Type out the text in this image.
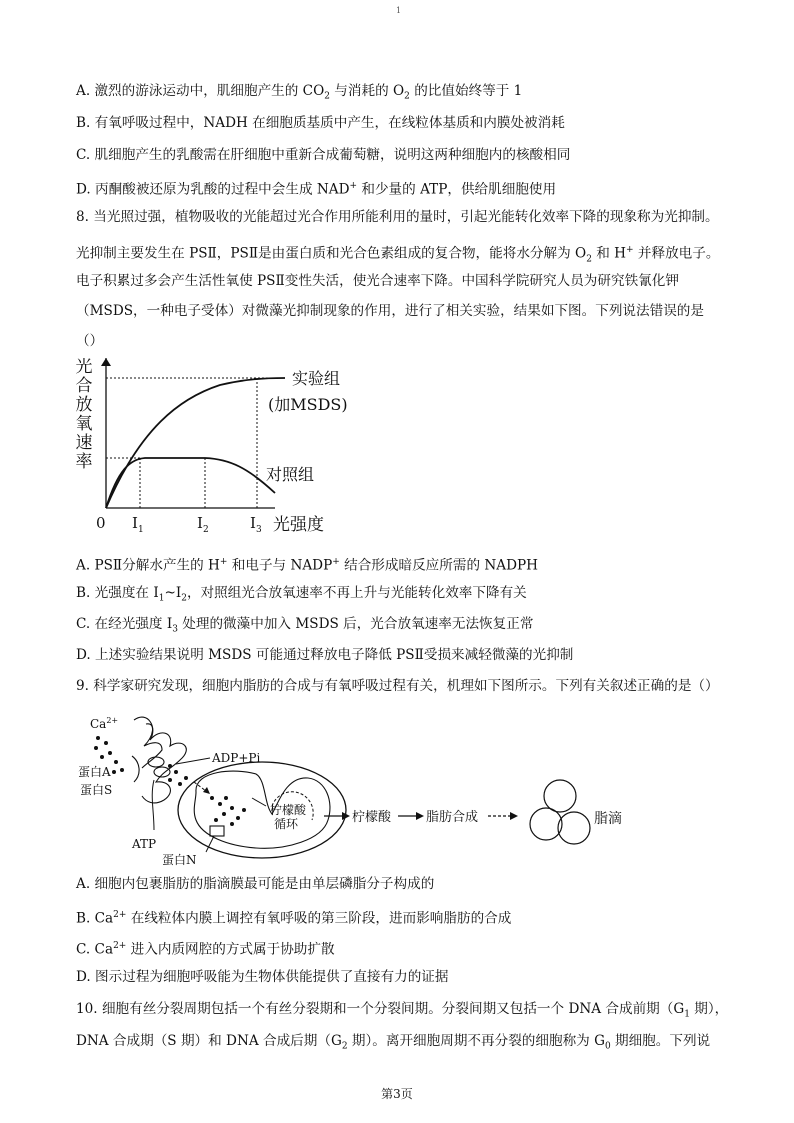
1
A. 激烈的游泳运动中，肌细胞产生的 $CO_2$ 与消耗的 $O_2$ 的比值始终等于 1
B. 有氧呼吸过程中，NADH 在细胞质基质中产生，在线粒体基质和内膜处被消耗
C. 肌细胞产生的乳酸需在肝细胞中重新合成葡萄糖，说明这两种细胞内的核酸相同
D. 丙酮酸被还原为乳酸的过程中会生成 NAD+ 和少量的 ATP，供给肌细胞使用
8. 当光照过强，植物吸收的光能超过光合作用所能利用的量时，引起光能转化效率下降的现象称为光抑制。
光抑制主要发生在 PSⅡ，PSⅡ是由蛋白质和光合色素组成的复合物，能将水分解为 $O_2$ 和 H+ 并释放电子。
电子积累过多会产生活性氧使 PSⅡ变性失活，使光合速率下降。中国科学院研究人员为研究铁氰化钾
（MSDS，一种电子受体）对微藻光抑制现象的作用，进行了相关实验，结果如下图。下列说法错误的是
（）
光合放氧速率
0 $I_1$	$I_2$	$I_3$ 光强度
实验组
(加MSDS)
对照组
A. PSⅡ分解水产生的 H+ 和电子与 NADP+ 结合形成暗反应所需的 NADPH
B. 光强度在 $I_1\sim I_2$，对照组光合放氧速率不再上升与光能转化效率下降有关
C. 在经光强度 $I_3$ 处理的微藻中加入 MSDS 后，光合放氧速率无法恢复正常
D. 上述实验结果说明 MSDS 可能通过释放电子降低 PSⅡ受损来减轻微藻的光抑制
9. 科学家研究发现，细胞内脂肪的合成与有氧呼吸过程有关，机理如下图所示。下列有关叙述正确的是（）
$Ca^{2+}$
ADP+Pi
蛋白A
蛋白S
ATP
蛋白N
柠檬酸
循环	柠檬酸	脂肪合成	脂滴
A. 细胞内包裹脂肪的脂滴膜最可能是由单层磷脂分子构成的
B. $Ca^{2+}$ 在线粒体内膜上调控有氧呼吸的第三阶段，进而影响脂肪的合成
C. $Ca^{2+}$ 进入内质网腔的方式属于协助扩散
D. 图示过程为细胞呼吸能为生物体供能提供了直接有力的证据
10. 细胞有丝分裂周期包括一个有丝分裂期和一个分裂间期。分裂间期又包括一个 DNA 合成前期（$G_1$ 期），
DNA 合成期（S 期）和 DNA 合成后期（$G_2$ 期）。离开细胞周期不再分裂的细胞称为 $G_0$ 期细胞。下列说
第3页
